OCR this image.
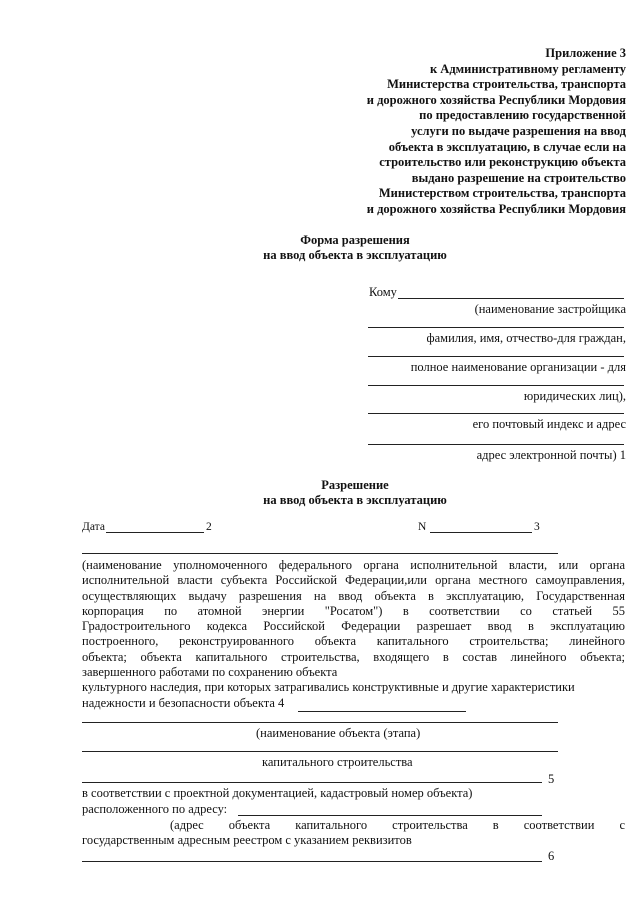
Приложение 3
к Административному регламенту
Министерства строительства, транспорта
и дорожного хозяйства Республики Мордовия
по предоставлению государственной
услуги по выдаче разрешения на ввод
объекта в эксплуатацию, в случае если на
строительство или реконструкцию объекта
выдано разрешение на строительство
Министерством строительства, транспорта
и дорожного хозяйства Республики Мордовия
Форма разрешения
на ввод объекта в эксплуатацию
Кому
(наименование застройщика
фамилия, имя, отчество-для граждан,
полное наименование организации - для
юридических лиц),
его почтовый индекс и адрес
адрес электронной почты) 1
Разрешение
на ввод объекта в эксплуатацию
Дата	2	N	3
(наименование уполномоченного федерального органа исполнительной власти, или органа
исполнительной власти субъекта Российской Федерации,или органа местного самоуправления,
осуществляющих выдачу разрешения на ввод объекта в эксплуатацию, Государственная
корпорация по атомной энергии "Росатом") в соответствии со статьей 55
Градостроительного кодекса Российской Федерации разрешает ввод в эксплуатацию
построенного, реконструированного объекта капитального строительства; линейного
объекта; объекта капитального строительства, входящего в состав линейного объекта;
завершенного работами по сохранению объекта
культурного наследия, при которых затрагивались конструктивные и другие характеристики
надежности и безопасности объекта 4
(наименование объекта (этапа)
капитального строительства
5
в соответствии с проектной документацией, кадастровый номер объекта)
расположенного по адресу:
(адрес объекта капитального строительства в соответствии с
государственным адресным реестром с указанием реквизитов
6
